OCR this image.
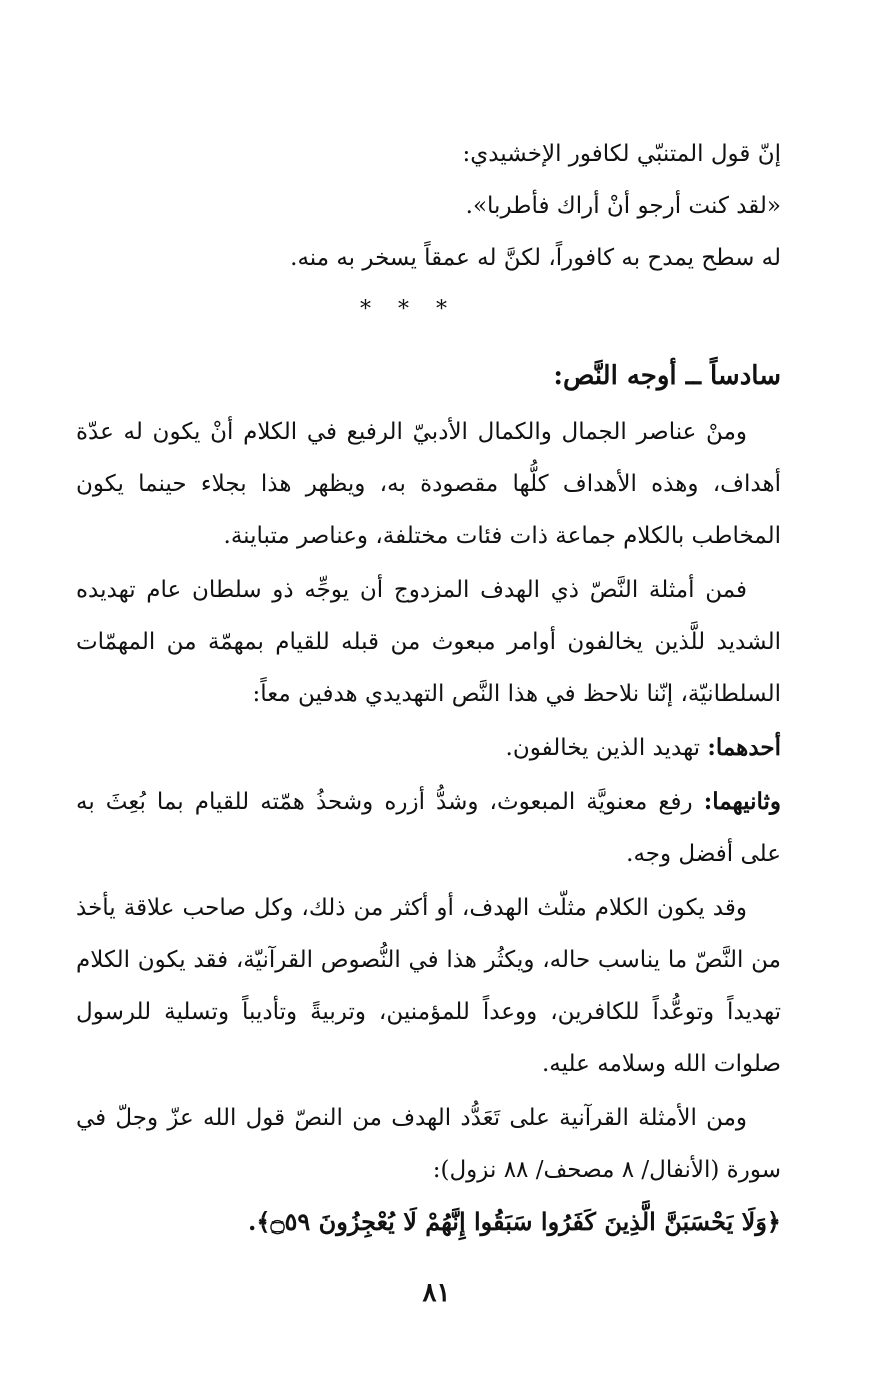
إنّ قول المتنبّي لكافور الإخشيدي:

«لقد كنت أرجو أنْ أراك فأطربا».

له سطح يمدح به كافوراً، لكنَّ له عمقاً يسخر به منه.

* * *

سادساً ــ أوجه النَّص:

ومنْ عناصر الجمال والكمال الأدبيّ الرفيع في الكلام أنْ يكون له عدّة أهداف، وهذه الأهداف كلُّها مقصودة به، ويظهر هذا بجلاء حينما يكون المخاطب بالكلام جماعة ذات فئات مختلفة، وعناصر متباينة.

فمن أمثلة النَّصّ ذي الهدف المزدوج أن يوجِّه ذو سلطان عام تهديده الشديد للَّذين يخالفون أوامر مبعوث من قبله للقيام بمهمّة من المهمّات السلطانيّة، إنّنا نلاحظ في هذا النَّص التهديدي هدفين معاً:

أحدهما: تهديد الذين يخالفون.

وثانيهما: رفع معنويَّة المبعوث، وشدُّ أزره وشحذُ همّته للقيام بما بُعِثَ به على أفضل وجه.

وقد يكون الكلام مثلّث الهدف، أو أكثر من ذلك، وكل صاحب علاقة يأخذ من النَّصّ ما يناسب حاله، ويكثُر هذا في النُّصوص القرآنيّة، فقد يكون الكلام تهديداً وتوعُّداً للكافرين، ووعداً للمؤمنين، وتربيةً وتأديباً وتسلية للرسول صلوات الله وسلامه عليه.

ومن الأمثلة القرآنية على تَعَدُّد الهدف من النصّ قول الله عزّ وجلّ في سورة (الأنفال/ ٨ مصحف/ ٨٨ نزول):

﴿وَلَا يَحْسَبَنَّ الَّذِينَ كَفَرُوا سَبَقُوا إِنَّهُمْ لَا يُعْجِزُونَ ۝٥٩﴾.

٨١
